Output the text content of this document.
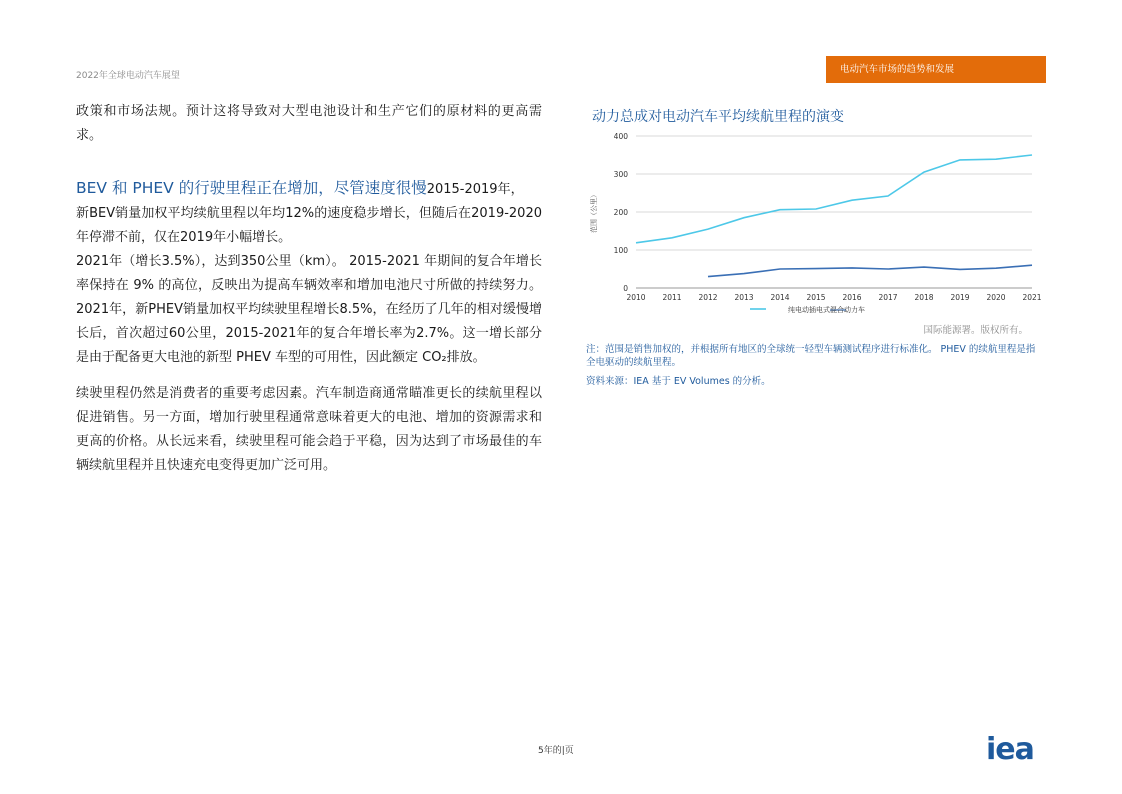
2022年全球电动汽车展望
电动汽车市场的趋势和发展

政策和市场法规。预计这将导致对大型电池设计和生产它们的原材料的更高需求。

BEV 和 PHEV 的行驶里程正在增加，尽管速度很慢2015-2019年，

新BEV销量加权平均续航里程以年均12%的速度稳步增长，但随后在2019-2020年停滞不前，仅在2019年小幅增长。

2021年（增长3.5%），达到350公里（km）。 2015-2021 年期间的复合年增长率保持在 9% 的高位，反映出为提高车辆效率和增加电池尺寸所做的持续努力。 2021年，新PHEV销量加权平均续驶里程增长8.5%，在经历了几年的相对缓慢增长后，首次超过60公里，2015-2021年的复合年增长率为2.7%。这一增长部分是由于配备更大电池的新型 PHEV 车型的可用性，因此额定 CO₂排放。

续驶里程仍然是消费者的重要考虑因素。汽车制造商通常瞄准更长的续航里程以促进销售。另一方面，增加行驶里程通常意味着更大的电池、增加的资源需求和更高的价格。从长远来看，续驶里程可能会趋于平稳，因为达到了市场最佳的车辆续航里程并且快速充电变得更加广泛可用。

动力总成对电动汽车平均续航里程的演变
0
100
200
300
400
2010 2011 2012 2013 2014 2015 2016 2017 2018 2019 2020 2021
范围（公里）
纯电动插电式混合动力车
国际能源署。版权所有。
注：范围是销售加权的，并根据所有地区的全球统一轻型车辆测试程序进行标准化。 PHEV 的续航里程是指全电驱动的续航里程。
资料来源：IEA 基于 EV Volumes 的分析。
5年的|页	iea
